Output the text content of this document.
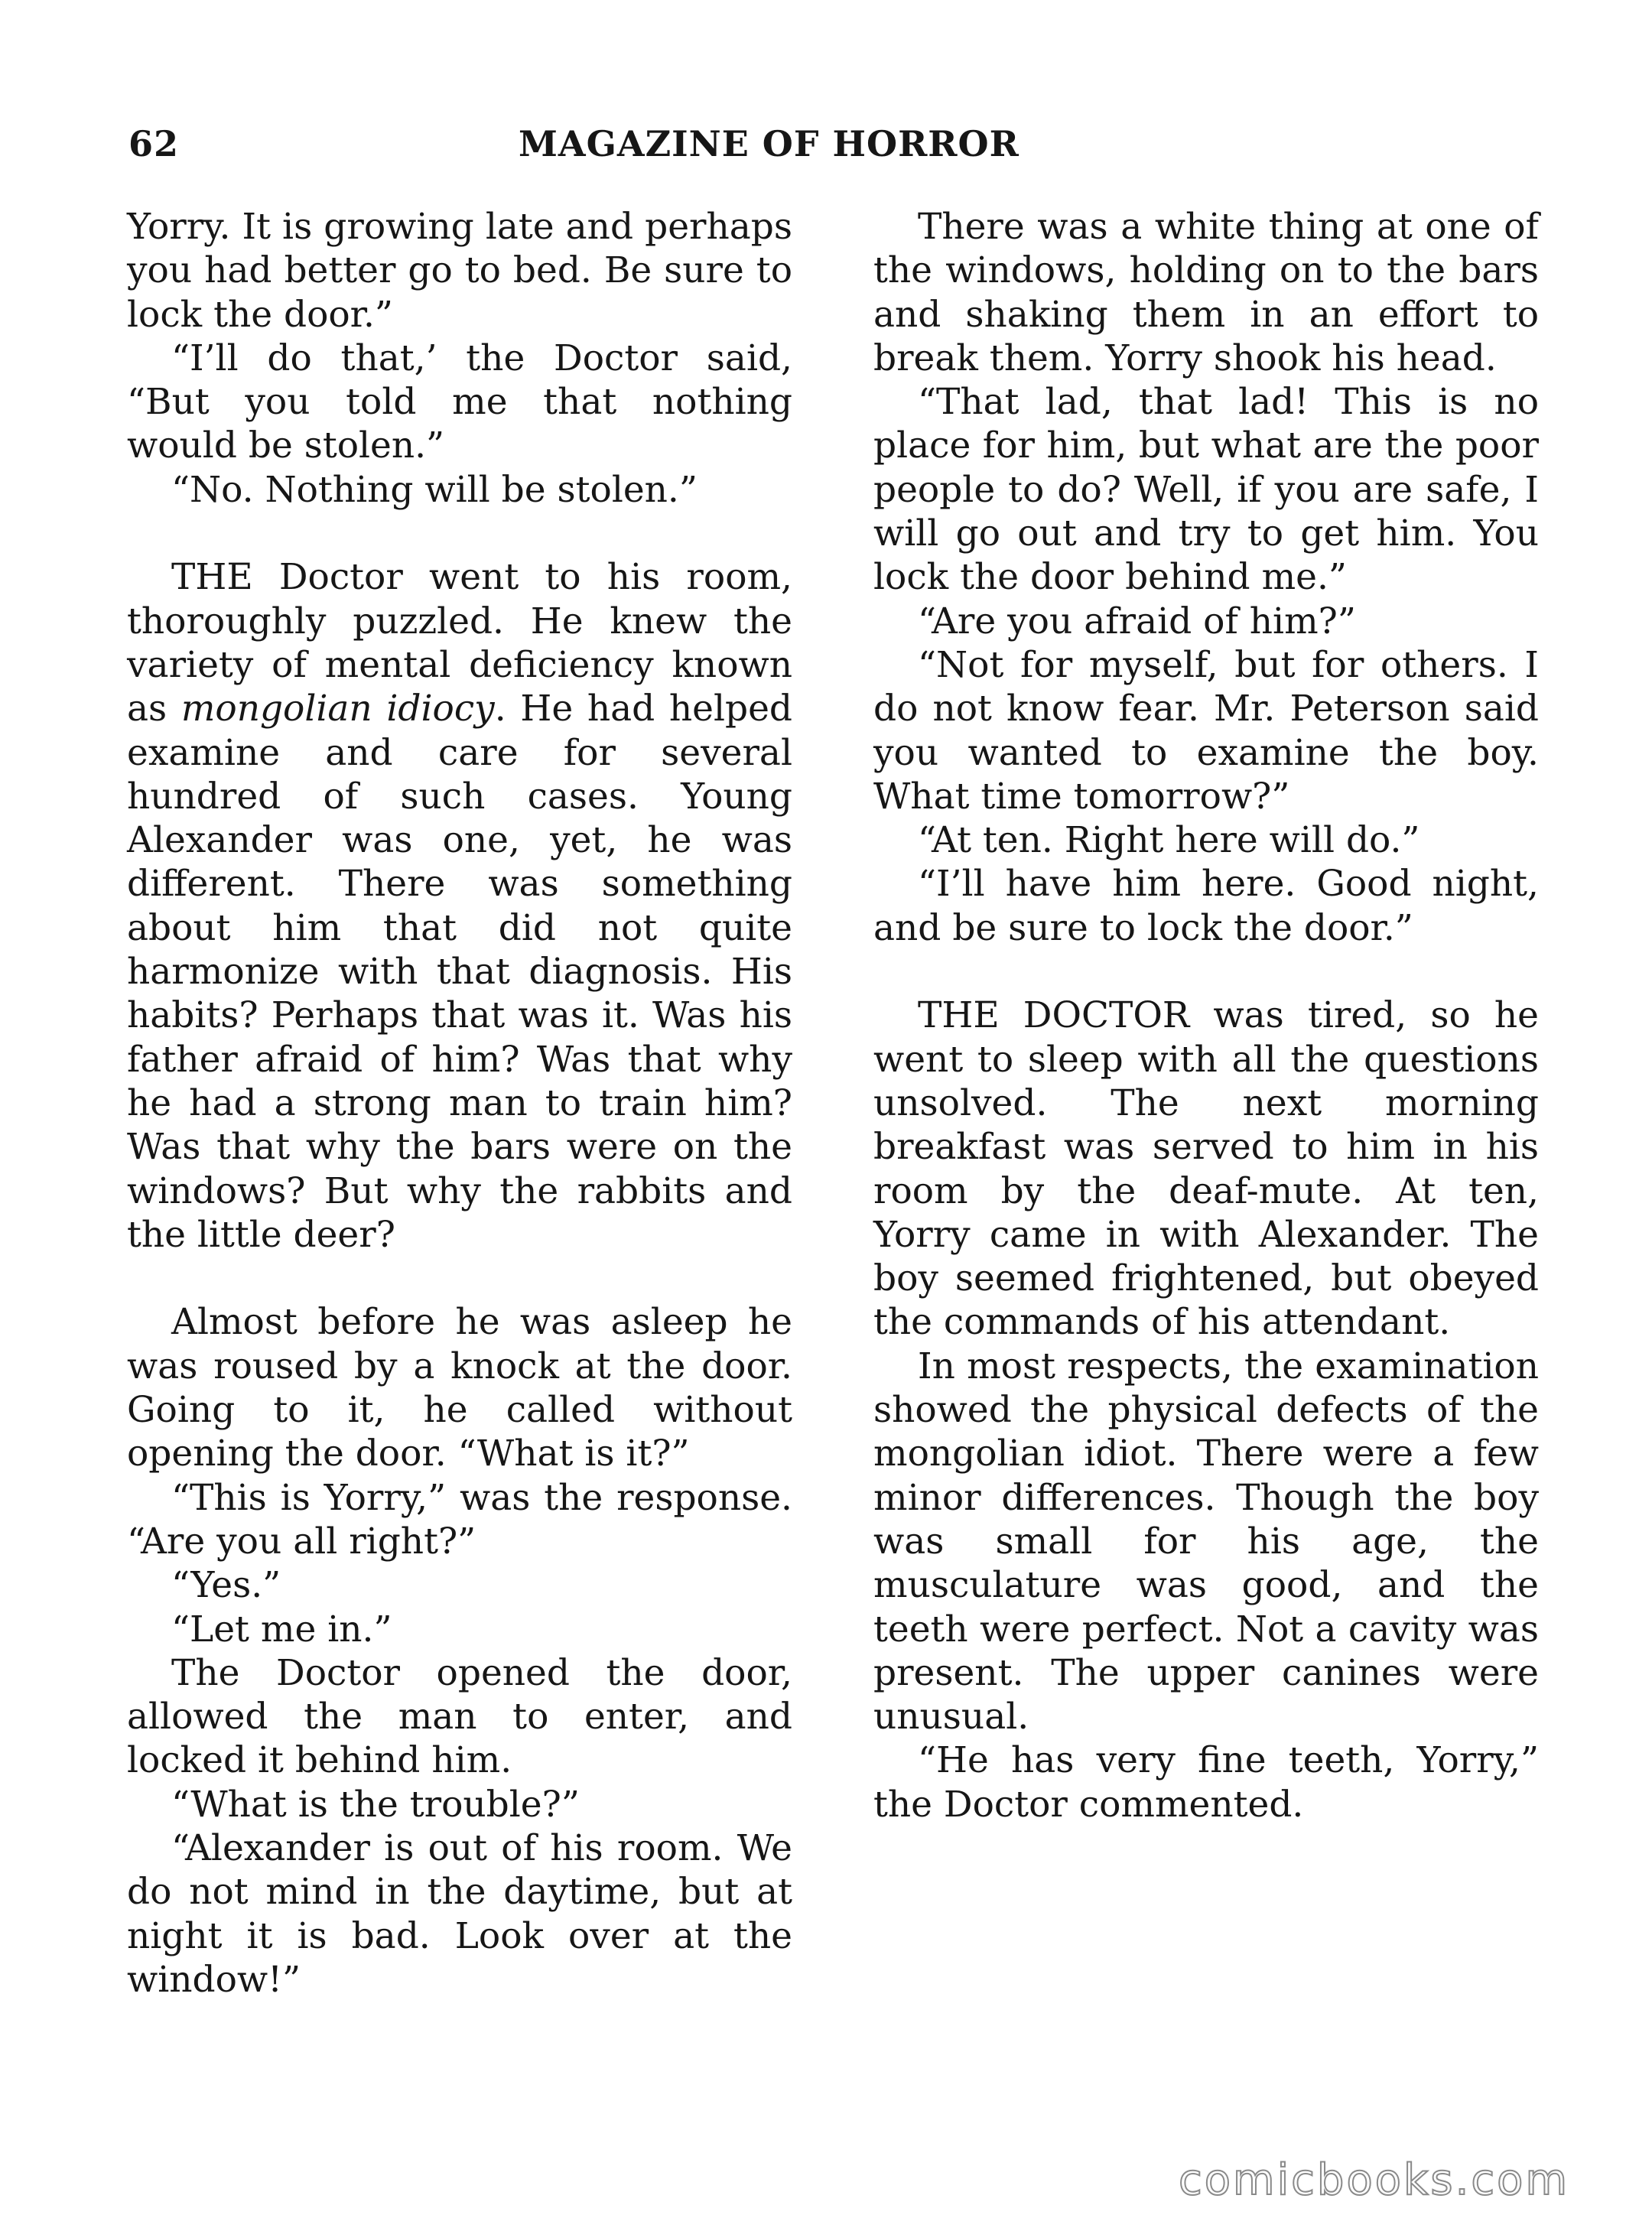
62	MAGAZINE OF HORROR

Yorry. It is growing late and perhaps you had better go to bed. Be sure to lock the door.”

“I’ll do that,’ the Doctor said, “But you told me that nothing would be stolen.”

“No. Nothing will be stolen.”

THE Doctor went to his room, thoroughly puzzled. He knew the variety of mental deficiency known as mongolian idiocy. He had helped examine and care for several hundred of such cases. Young Alexander was one, yet, he was different. There was something about him that did not quite harmonize with that diagnosis. His habits? Perhaps that was it. Was his father afraid of him? Was that why he had a strong man to train him? Was that why the bars were on the windows? But why the rabbits and the little deer?

Almost before he was asleep he was roused by a knock at the door. Going to it, he called without opening the door. “What is it?”

“This is Yorry,” was the response. “Are you all right?”

“Yes.”

“Let me in.”

The Doctor opened the door, allowed the man to enter, and locked it behind him.

“What is the trouble?”

“Alexander is out of his room. We do not mind in the daytime, but at night it is bad. Look over at the window!”

There was a white thing at one of the windows, holding on to the bars and shaking them in an effort to break them. Yorry shook his head.

“That lad, that lad! This is no place for him, but what are the poor people to do? Well, if you are safe, I will go out and try to get him. You lock the door behind me.”

“Are you afraid of him?”

“Not for myself, but for others. I do not know fear. Mr. Peterson said you wanted to examine the boy. What time tomorrow?”

“At ten. Right here will do.”

“I’ll have him here. Good night, and be sure to lock the door.”

THE DOCTOR was tired, so he went to sleep with all the questions unsolved. The next morning breakfast was served to him in his room by the deaf-mute. At ten, Yorry came in with Alexander. The boy seemed frightened, but obeyed the commands of his attendant.

In most respects, the examination showed the physical defects of the mongolian idiot. There were a few minor differences. Though the boy was small for his age, the musculature was good, and the teeth were perfect. Not a cavity was present. The upper canines were unusual.

“He has very fine teeth, Yorry,” the Doctor commented.

comicbooks.com
